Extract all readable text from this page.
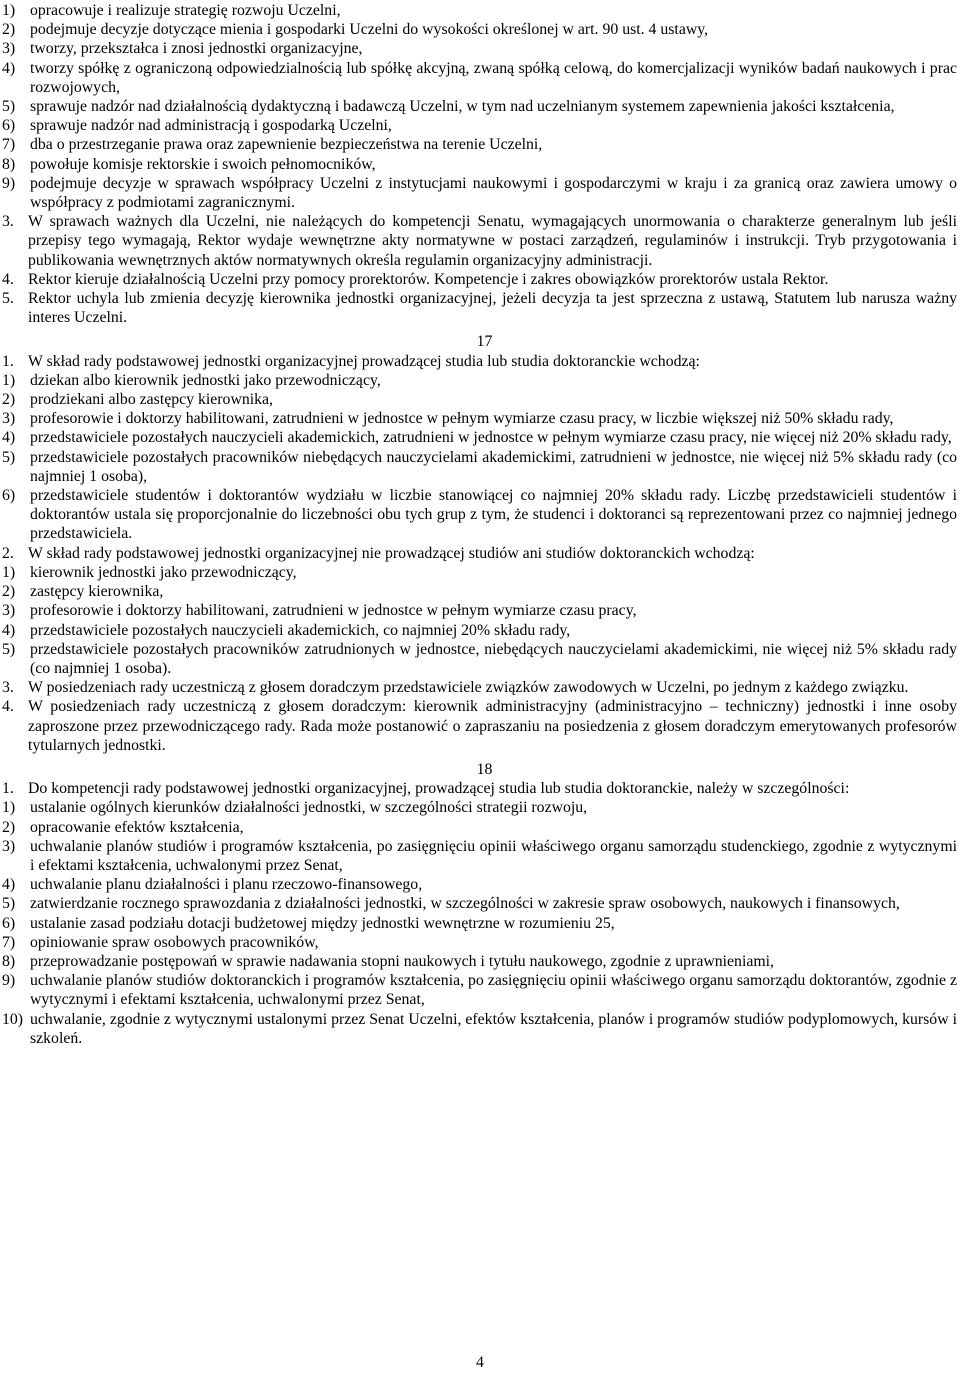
1) opracowuje i realizuje strategię rozwoju Uczelni,
2) podejmuje decyzje dotyczące mienia i gospodarki Uczelni do wysokości określonej w art. 90 ust. 4 ustawy,
3) tworzy, przekształca i znosi jednostki organizacyjne,
4) tworzy spółkę z ograniczoną odpowiedzialnością lub spółkę akcyjną, zwaną spółką celową, do komercjalizacji wyników badań naukowych i prac rozwojowych,
5) sprawuje nadzór nad działalnością dydaktyczną i badawczą Uczelni, w tym nad uczelnianym systemem zapewnienia jakości kształcenia,
6) sprawuje nadzór nad administracją i gospodarką Uczelni,
7) dba o przestrzeganie prawa oraz zapewnienie bezpieczeństwa na terenie Uczelni,
8) powołuje komisje rektorskie i swoich pełnomocników,
9) podejmuje decyzje w sprawach współpracy Uczelni z instytucjami naukowymi i gospodarczymi w kraju i za granicą oraz zawiera umowy o współpracy z podmiotami zagranicznymi.
3. W sprawach ważnych dla Uczelni, nie należących do kompetencji Senatu, wymagających unormowania o charakterze generalnym lub jeśli przepisy tego wymagają, Rektor wydaje wewnętrzne akty normatywne w postaci zarządzeń, regulaminów i instrukcji. Tryb przygotowania i publikowania wewnętrznych aktów normatywnych określa regulamin organizacyjny administracji.
4. Rektor kieruje działalnością Uczelni przy pomocy prorektorów. Kompetencje i zakres obowiązków prorektorów ustala Rektor.
5. Rektor uchyla lub zmienia decyzję kierownika jednostki organizacyjnej, jeżeli decyzja ta jest sprzeczna z ustawą, Statutem lub narusza ważny interes Uczelni.
17
1. W skład rady podstawowej jednostki organizacyjnej prowadzącej studia lub studia doktoranckie wchodzą:
1) dziekan albo kierownik jednostki jako przewodniczący,
2) prodziekani albo zastępcy kierownika,
3) profesorowie i doktorzy habilitowani, zatrudnieni w jednostce w pełnym wymiarze czasu pracy, w liczbie większej niż 50% składu rady,
4) przedstawiciele pozostałych nauczycieli akademickich, zatrudnieni w jednostce w pełnym wymiarze czasu pracy, nie więcej niż 20% składu rady,
5) przedstawiciele pozostałych pracowników niebędących nauczycielami akademickimi, zatrudnieni w jednostce, nie więcej niż 5% składu rady (co najmniej 1 osoba),
6) przedstawiciele studentów i doktorantów wydziału w liczbie stanowiącej co najmniej 20% składu rady. Liczbę przedstawicieli studentów i doktorantów ustala się proporcjonalnie do liczebności obu tych grup z tym, że studenci i doktoranci są reprezentowani przez co najmniej jednego przedstawiciela.
2. W skład rady podstawowej jednostki organizacyjnej nie prowadzącej studiów ani studiów doktoranckich wchodzą:
1) kierownik jednostki jako przewodniczący,
2) zastępcy kierownika,
3) profesorowie i doktorzy habilitowani, zatrudnieni w jednostce w pełnym wymiarze czasu pracy,
4) przedstawiciele pozostałych nauczycieli akademickich, co najmniej 20% składu rady,
5) przedstawiciele pozostałych pracowników zatrudnionych w jednostce, niebędących nauczycielami akademickimi, nie więcej niż 5% składu rady (co najmniej 1 osoba).
3. W posiedzeniach rady uczestniczą z głosem doradczym przedstawiciele związków zawodowych w Uczelni, po jednym z każdego związku.
4. W posiedzeniach rady uczestniczą z głosem doradczym: kierownik administracyjny (administracyjno – techniczny) jednostki i inne osoby zaproszone przez przewodniczącego rady. Rada może postanowić o zapraszaniu na posiedzenia z głosem doradczym emerytowanych profesorów tytularnych jednostki.
18
1. Do kompetencji rady podstawowej jednostki organizacyjnej, prowadzącej studia lub studia doktoranckie, należy w szczególności:
1) ustalanie ogólnych kierunków działalności jednostki, w szczególności strategii rozwoju,
2) opracowanie efektów kształcenia,
3) uchwalanie planów studiów i programów kształcenia, po zasięgnięciu opinii właściwego organu samorządu studenckiego, zgodnie z wytycznymi i efektami kształcenia, uchwalonymi przez Senat,
4) uchwalanie planu działalności i planu rzeczowo-finansowego,
5) zatwierdzanie rocznego sprawozdania z działalności jednostki, w szczególności w zakresie spraw osobowych, naukowych i finansowych,
6) ustalanie zasad podziału dotacji budżetowej między jednostki wewnętrzne w rozumieniu 25,
7) opiniowanie spraw osobowych pracowników,
8) przeprowadzanie postępowań w sprawie nadawania stopni naukowych i tytułu naukowego, zgodnie z uprawnieniami,
9) uchwalanie planów studiów doktoranckich i programów kształcenia, po zasięgnięciu opinii właściwego organu samorządu doktorantów, zgodnie z wytycznymi i efektami kształcenia, uchwalonymi przez Senat,
10) uchwalanie, zgodnie z wytycznymi ustalonymi przez Senat Uczelni, efektów kształcenia, planów i programów studiów podyplomowych, kursów i szkoleń.
4
